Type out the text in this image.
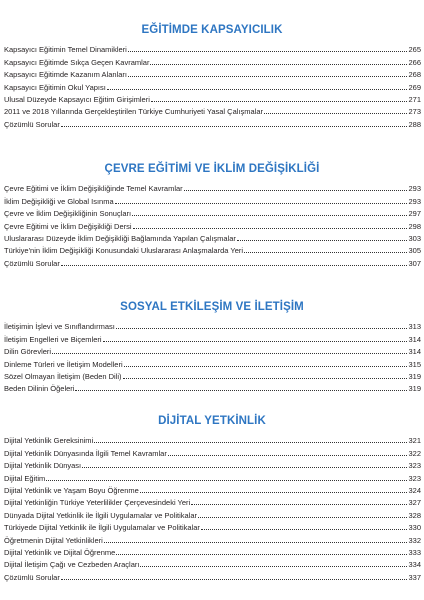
EĞİTİMDE KAPSAYICILIK
Kapsayıcı Eğitimin Temel Dinamikleri	265
Kapsayıcı Eğitimde Sıkça Geçen Kavramlar	266
Kapsayıcı Eğitimde Kazanım Alanları	268
Kapsayıcı Eğitimin Okul Yapısı	269
Ulusal Düzeyde Kapsayıcı Eğitim Girişimleri	271
2011 ve 2018 Yıllarında Gerçekleştirilen Türkiye Cumhuriyeti Yasal Çalışmalar	273
Çözümlü Sorular	288
ÇEVRE EĞİTİMİ VE İKLİM DEĞİŞİKLİĞİ
Çevre Eğitimi ve İklim Değişikliğinde Temel Kavramlar	293
İklim Değişikliği ve Global Isınma	293
Çevre ve İklim Değişikliğinin Sonuçları	297
Çevre Eğitimi ve İklim Değişikliği Dersi	298
Uluslararası Düzeyde İklim Değişikliği Bağlamında Yapılan Çalışmalar	303
Türkiye'nin İklim Değişikliği Konusundaki Uluslararası Anlaşmalarda Yeri	305
Çözümlü Sorular	307
SOSYAL ETKİLEŞİM VE İLETİŞİM
İletişimin İşlevi ve Sınıflandırması	313
İletişim Engelleri ve Biçemleri	314
Dilin Görevleri	314
Dinleme Türleri ve İletişim Modelleri	315
Sözel Olmayan İletişim (Beden Dili)	319
Beden Dilinin Öğeleri	319
DİJİTAL YETKİNLİK
Dijital Yetkinlik Gereksinimi	321
Dijital Yetkinlik Dünyasında İlgili Temel Kavramlar	322
Dijital Yetkinlik Dünyası	323
Dijital Eğitim	323
Dijital Yetkinlik ve Yaşam Boyu Öğrenme	324
Dijital Yetkinliğin Türkiye Yeterlilikler Çerçevesindeki Yeri	327
Dünyada Dijital Yetkinlik ile İlgili Uygulamalar ve Politikalar	328
Türkiyede Dijital Yetkinlik ile İlgili Uygulamalar ve Politikalar	330
Öğretmenin Dijital Yetkinlikleri	332
Dijital Yetkinlik ve Dijital Öğrenme	333
Dijital İletişim Çağı ve Cezbeden Araçları	334
Çözümlü Sorular	337
